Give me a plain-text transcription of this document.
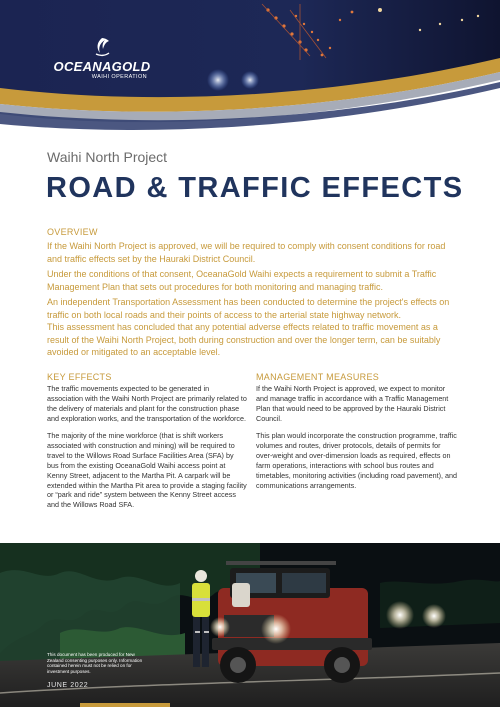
OCEANAGOLD
WAIHI OPERATION
Waihi North Project
ROAD & TRAFFIC EFFECTS
OVERVIEW

If the Waihi North Project is approved, we will be required to comply with consent conditions for road and traffic effects set by the Hauraki District Council.

Under the conditions of that consent, OceanaGold Waihi expects a requirement to submit a Traffic Management Plan that sets out procedures for both monitoring and managing traffic.

An independent Transportation Assessment has been conducted to determine the project's effects on traffic on both local roads and their points of access to the arterial state highway network.

This assessment has concluded that any potential adverse effects related to traffic movement as a result of the Waihi North Project, both during construction and over the longer term, can be suitably avoided or mitigated to an acceptable level.

KEY EFFECTS

The traffic movements expected to be generated in association with the Waihi North Project are primarily related to the delivery of materials and plant for the construction phase and exploration works, and the transportation of the workforce.

The majority of the mine workforce (that is shift workers associated with construction and mining) will be required to travel to the Willows Road Surface Facilities Area (SFA) by bus from the existing OceanaGold Waihi access point at Kenny Street, adjacent to the Martha Pit. A carpark will be extended within the Martha Pit area to provide a staging facility or “park and ride” system between the Kenny Street access and the Willows Road SFA.

MANAGEMENT MEASURES

If the Waihi North Project is approved, we expect to monitor and manage traffic in accordance with a Traffic Management Plan that would need to be approved by the Hauraki District Council.

This plan would incorporate the construction programme, traffic volumes and routes, driver protocols, details of permits for over-weight and over-dimension loads as required, effects on farm operations, interactions with school bus routes and timetables, monitoring activities (including road pavement), and communications arrangements.

This document has been produced for New Zealand consenting purposes only. Information contained herein must not be relied on for investment purposes.
JUNE 2022
